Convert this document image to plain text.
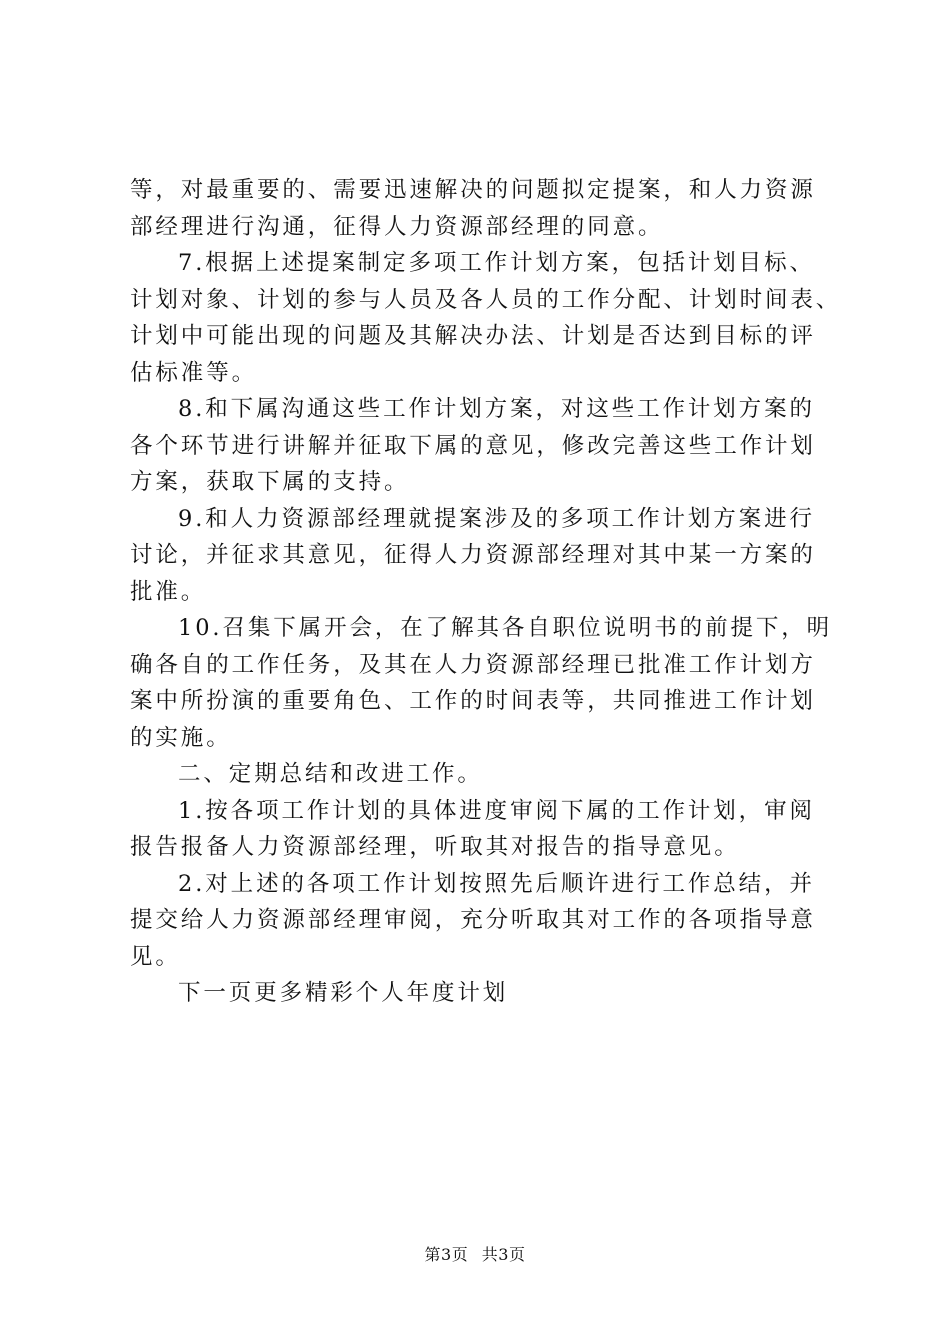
等，对最重要的、需要迅速解决的问题拟定提案，和人力资源
部经理进行沟通，征得人力资源部经理的同意。
7.根据上述提案制定多项工作计划方案，包括计划目标、
计划对象、计划的参与人员及各人员的工作分配、计划时间表、
计划中可能出现的问题及其解决办法、计划是否达到目标的评
估标准等。
8.和下属沟通这些工作计划方案，对这些工作计划方案的
各个环节进行讲解并征取下属的意见，修改完善这些工作计划
方案，获取下属的支持。
9.和人力资源部经理就提案涉及的多项工作计划方案进行
讨论，并征求其意见，征得人力资源部经理对其中某一方案的
批准。
10.召集下属开会，在了解其各自职位说明书的前提下，明
确各自的工作任务，及其在人力资源部经理已批准工作计划方
案中所扮演的重要角色、工作的时间表等，共同推进工作计划
的实施。
二、定期总结和改进工作。
1.按各项工作计划的具体进度审阅下属的工作计划，审阅
报告报备人力资源部经理，听取其对报告的指导意见。
2.对上述的各项工作计划按照先后顺许进行工作总结，并
提交给人力资源部经理审阅，充分听取其对工作的各项指导意
见。
下一页更多精彩个人年度计划
第3页 共3页
